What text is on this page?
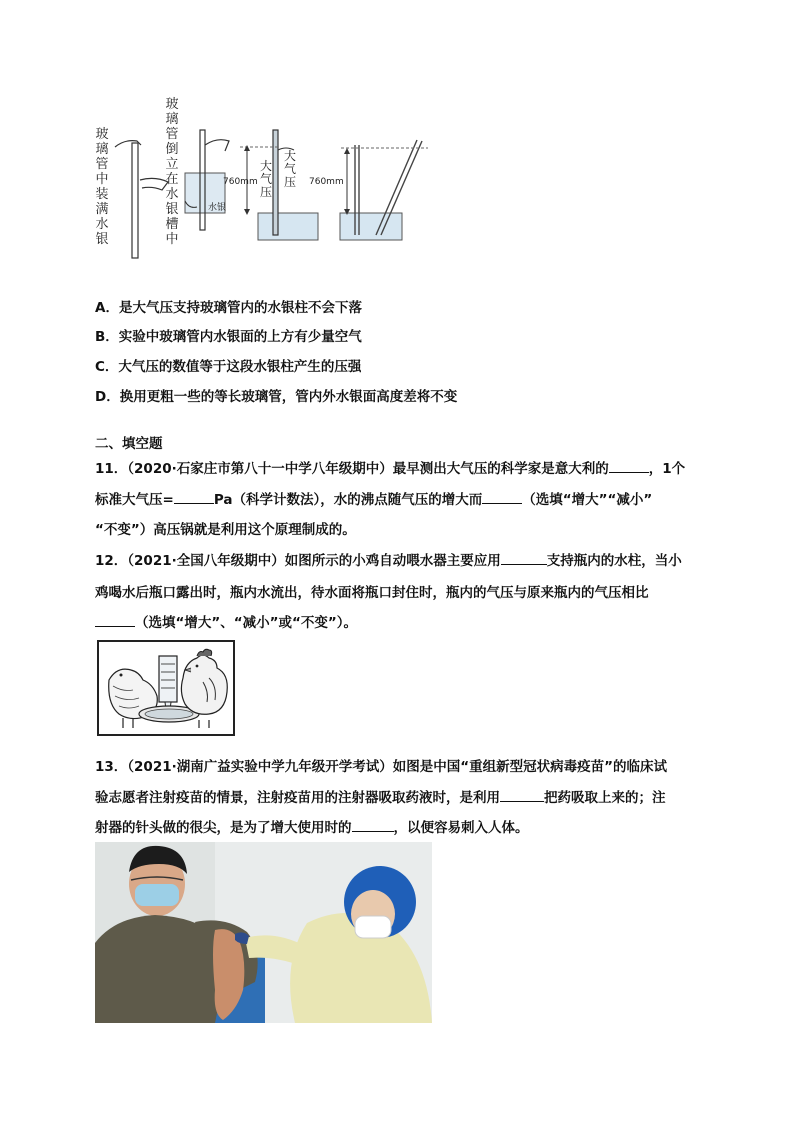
玻
璃
管
中
装
满
水
银
玻
璃
管
倒
立
在
水
银
槽
中
水银
大
气
压
大
气
压
760mm	760mm
A．是大气压支持玻璃管内的水银柱不会下落
B．实验中玻璃管内水银面的上方有少量空气
C．大气压的数值等于这段水银柱产生的压强
D．换用更粗一些的等长玻璃管，管内外水银面高度差将不变
二、填空题
11．（2020·石家庄市第八十一中学八年级期中）最早测出大气压的科学家是意大利的	，1个
标准大气压=	Pa（科学计数法），水的沸点随气压的增大而	（选填“增大”“减小”
“不变”）高压锅就是利用这个原理制成的。
12．（2021·全国八年级期中）如图所示的小鸡自动喂水器主要应用	支持瓶内的水柱，当小
鸡喝水后瓶口露出时，瓶内水流出，待水面将瓶口封住时，瓶内的气压与原来瓶内的气压相比
（选填“增大”、“减小”或“不变”）。
13．（2021·湖南广益实验中学九年级开学考试）如图是中国“重组新型冠状病毒疫苗”的临床试
验志愿者注射疫苗的情景，注射疫苗用的注射器吸取药液时，是利用	把药吸取上来的；注
射器的针头做的很尖，是为了增大使用时的	，以便容易刺入人体。
